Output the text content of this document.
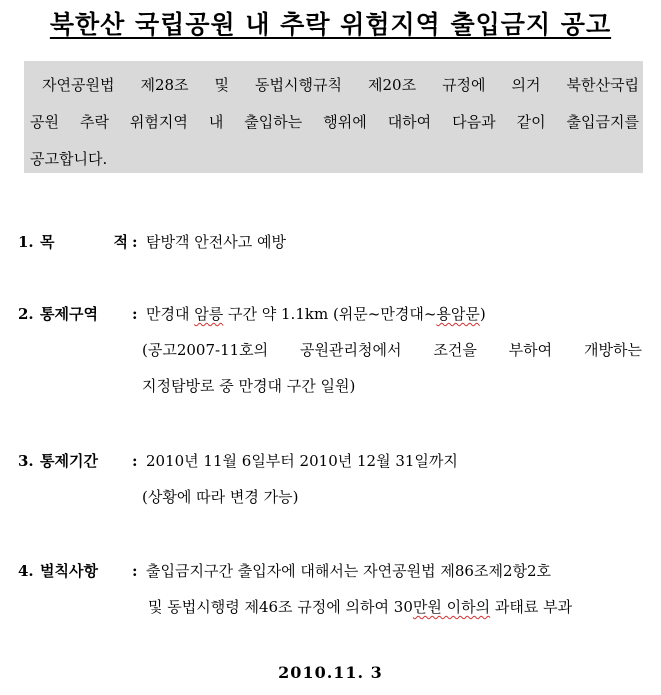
북한산 국립공원 내 추락 위험지역 출입금지 공고
자연공원법 제28조 및 동법시행규칙 제20조 규정에 의거 북한산국립
공원 추락 위험지역 내 출입하는 행위에 대하여 다음과 같이 출입금지를
공고합니다.
1. 목	적 : 탐방객 안전사고 예방
2. 통제구역	: 만경대 암릉 구간 약 1.1km (위문~만경대~용암문)
(공고2007-11호의 공원관리청에서 조건을 부하여 개방하는
지정탐방로 중 만경대 구간 일원)
3. 통제기간	: 2010년 11월 6일부터 2010년 12월 31일까지
(상황에 따라 변경 가능)
4. 벌칙사항	: 출입금지구간 출입자에 대해서는 자연공원법 제86조제2항2호
및 동법시행령 제46조 규정에 의하여 30만원 이하의 과태료 부과
2010.11. 3
